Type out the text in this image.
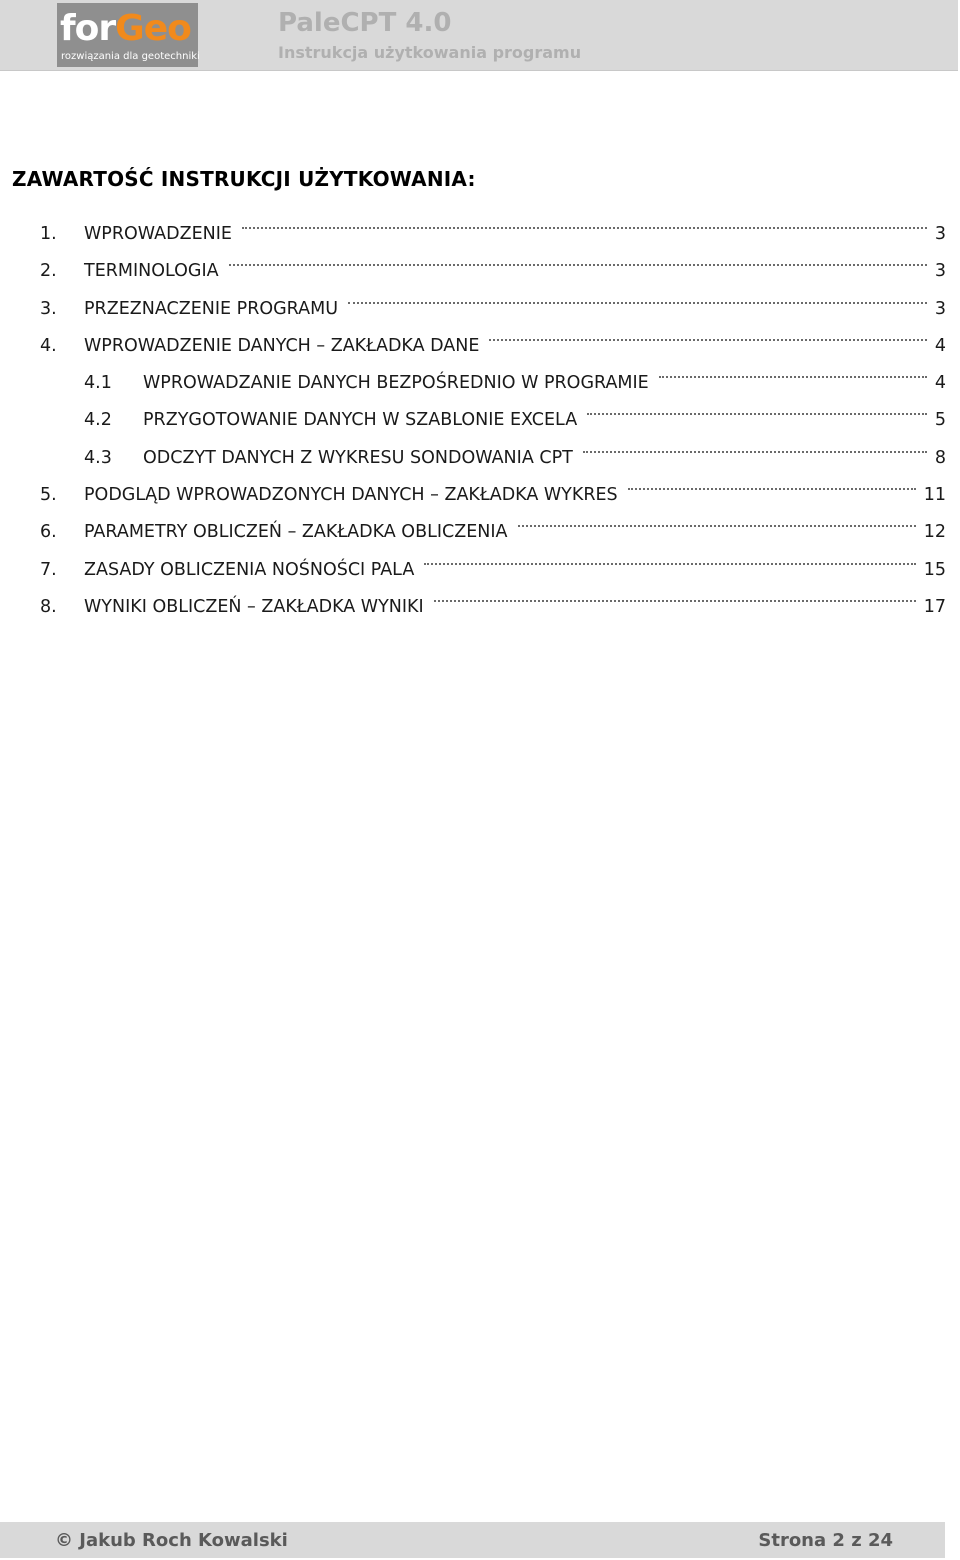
forGeo
rozwiązania dla geotechniki
PaleCPT 4.0
Instrukcja użytkowania programu
ZAWARTOŚĆ INSTRUKCJI UŻYTKOWANIA:
1.	WPROWADZENIE	3
2.	TERMINOLOGIA	3
3.	PRZEZNACZENIE PROGRAMU	3
4.	WPROWADZENIE DANYCH – ZAKŁADKA DANE	4
4.1	WPROWADZANIE DANYCH BEZPOŚREDNIO W PROGRAMIE	4
4.2	PRZYGOTOWANIE DANYCH W SZABLONIE EXCELA	5
4.3	ODCZYT DANYCH Z WYKRESU SONDOWANIA CPT	8
5.	PODGLĄD WPROWADZONYCH DANYCH – ZAKŁADKA WYKRES	11
6.	PARAMETRY OBLICZEŃ – ZAKŁADKA OBLICZENIA	12
7.	ZASADY OBLICZENIA NOŚNOŚCI PALA	15
8.	WYNIKI OBLICZEŃ – ZAKŁADKA WYNIKI	17
© Jakub Roch Kowalski	Strona 2 z 24
